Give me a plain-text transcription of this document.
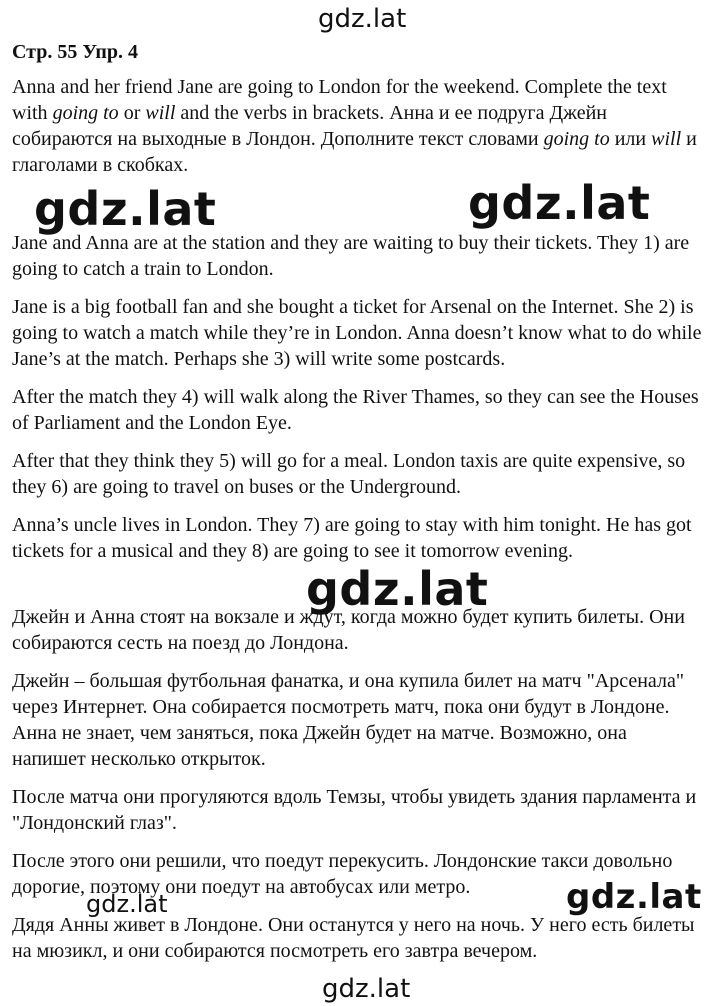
Стр. 55 Упр. 4

Anna and her friend Jane are going to London for the weekend. Complete the text with going to or will and the verbs in brackets. Анна и ее подруга Джейн собираются на выходные в Лондон. Дополните текст словами going to или will и глаголами в скобках.

Jane and Anna are at the station and they are waiting to buy their tickets. They 1) are going to catch a train to London.

Jane is a big football fan and she bought a ticket for Arsenal on the Internet. She 2) is going to watch a match while they’re in London. Anna doesn’t know what to do while Jane’s at the match. Perhaps she 3) will write some postcards.

After the match they 4) will walk along the River Thames, so they can see the Houses of Parliament and the London Eye.

After that they think they 5) will go for a meal. London taxis are quite expensive, so they 6) are going to travel on buses or the Underground.

Anna’s uncle lives in London. They 7) are going to stay with him tonight. He has got tickets for a musical and they 8) are going to see it tomorrow evening.

Джейн и Анна стоят на вокзале и ждут, когда можно будет купить билеты. Они собираются сесть на поезд до Лондона.

Джейн – большая футбольная фанатка, и она купила билет на матч "Арсенала" через Интернет. Она собирается посмотреть матч, пока они будут в Лондоне. Анна не знает, чем заняться, пока Джейн будет на матче. Возможно, она напишет несколько открыток.

После матча они прогуляются вдоль Темзы, чтобы увидеть здания парламента и "Лондонский глаз".

После этого они решили, что поедут перекусить. Лондонские такси довольно дорогие, поэтому они поедут на автобусах или метро.

Дядя Анны живет в Лондоне. Они останутся у него на ночь. У него есть билеты на мюзикл, и они собираются посмотреть его завтра вечером.

gdz.lat
gdz.lat	gdz.lat
gdz.lat
gdz.lat	gdz.lat
gdz.lat
